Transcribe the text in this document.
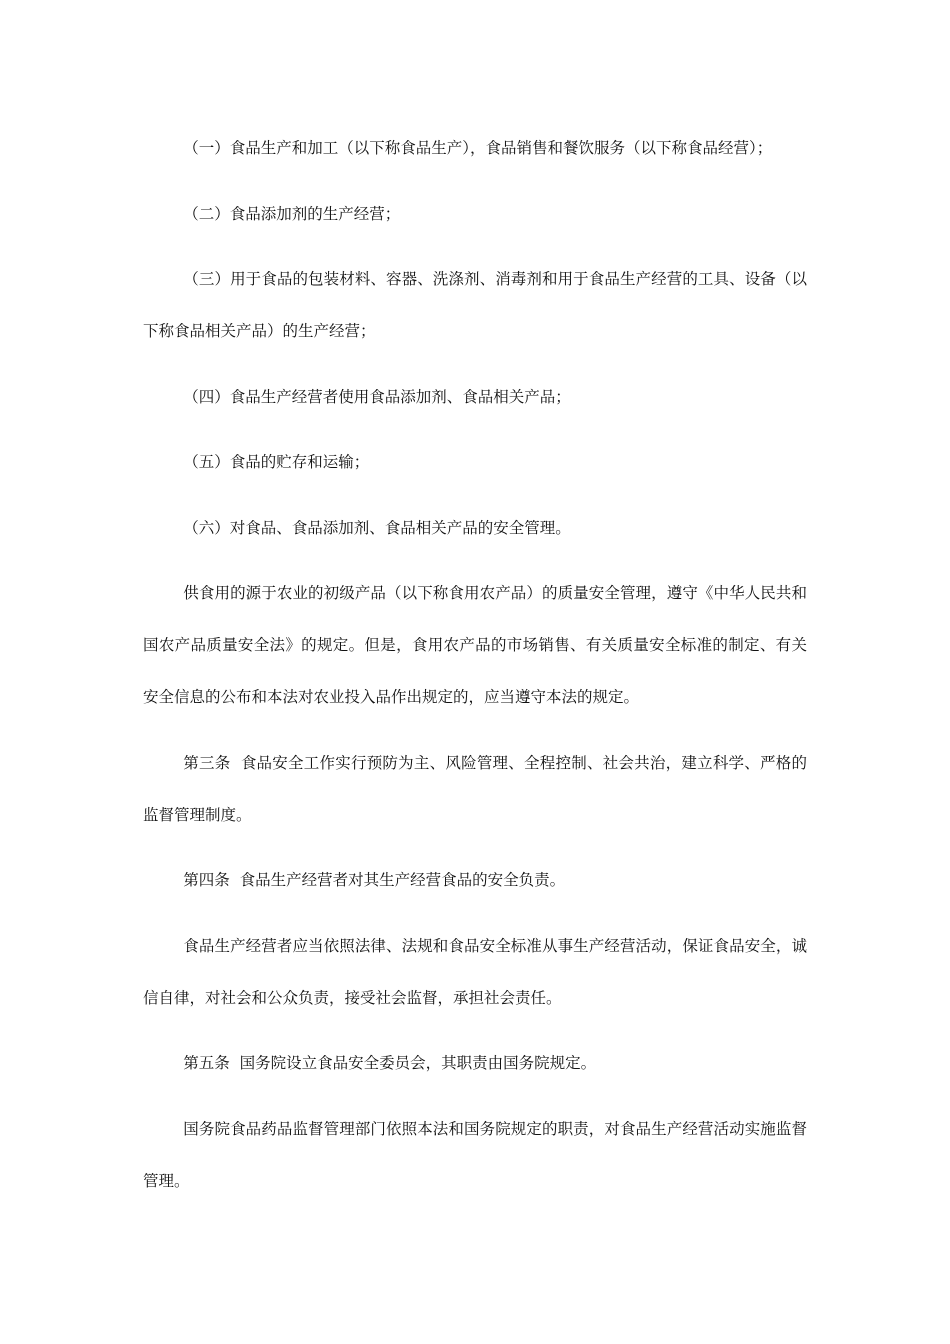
（一）食品生产和加工（以下称食品生产），食品销售和餐饮服务（以下称食品经营）；

（二）食品添加剂的生产经营；

（三）用于食品的包装材料、容器、洗涤剂、消毒剂和用于食品生产经营的工具、设备（以下称食品相关产品）的生产经营；

（四）食品生产经营者使用食品添加剂、食品相关产品；

（五）食品的贮存和运输；

（六）对食品、食品添加剂、食品相关产品的安全管理。

供食用的源于农业的初级产品（以下称食用农产品）的质量安全管理，遵守《中华人民共和国农产品质量安全法》的规定。但是，食用农产品的市场销售、有关质量安全标准的制定、有关安全信息的公布和本法对农业投入品作出规定的，应当遵守本法的规定。

第三条  食品安全工作实行预防为主、风险管理、全程控制、社会共治，建立科学、严格的监督管理制度。

第四条  食品生产经营者对其生产经营食品的安全负责。

食品生产经营者应当依照法律、法规和食品安全标准从事生产经营活动，保证食品安全，诚信自律，对社会和公众负责，接受社会监督，承担社会责任。

第五条  国务院设立食品安全委员会，其职责由国务院规定。

国务院食品药品监督管理部门依照本法和国务院规定的职责，对食品生产经营活动实施监督管理。
